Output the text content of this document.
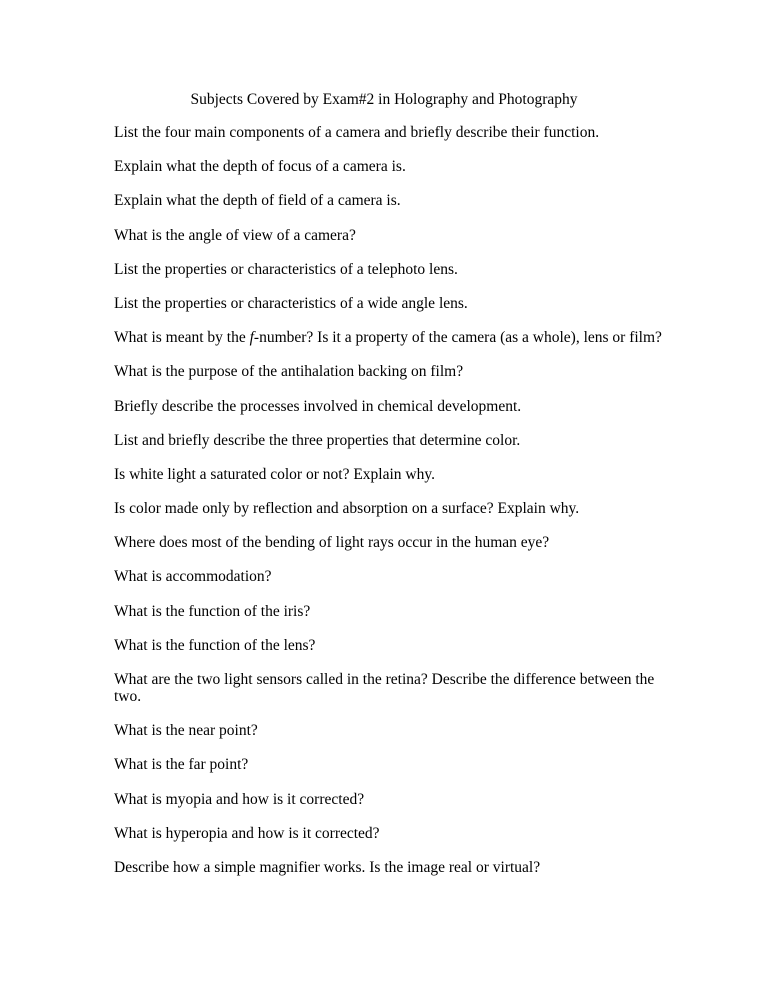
Subjects Covered by Exam#2 in Holography and Photography
List the four main components of a camera and briefly describe their function.
Explain what the depth of focus of a camera is.
Explain what the depth of field of a camera is.
What is the angle of view of a camera?
List the properties or characteristics of a telephoto lens.
List the properties or characteristics of a wide angle lens.
What is meant by the f-number? Is it a property of the camera (as a whole), lens or film?
What is the purpose of the antihalation backing on film?
Briefly describe the processes involved in chemical development.
List and briefly describe the three properties that determine color.
Is white light a saturated color or not? Explain why.
Is color made only by reflection and absorption on a surface? Explain why.
Where does most of the bending of light rays occur in the human eye?
What is accommodation?
What is the function of the iris?
What is the function of the lens?
What are the two light sensors called in the retina? Describe the difference between the two.
What is the near point?
What is the far point?
What is myopia and how is it corrected?
What is hyperopia and how is it corrected?
Describe how a simple magnifier works. Is the image real or virtual?
